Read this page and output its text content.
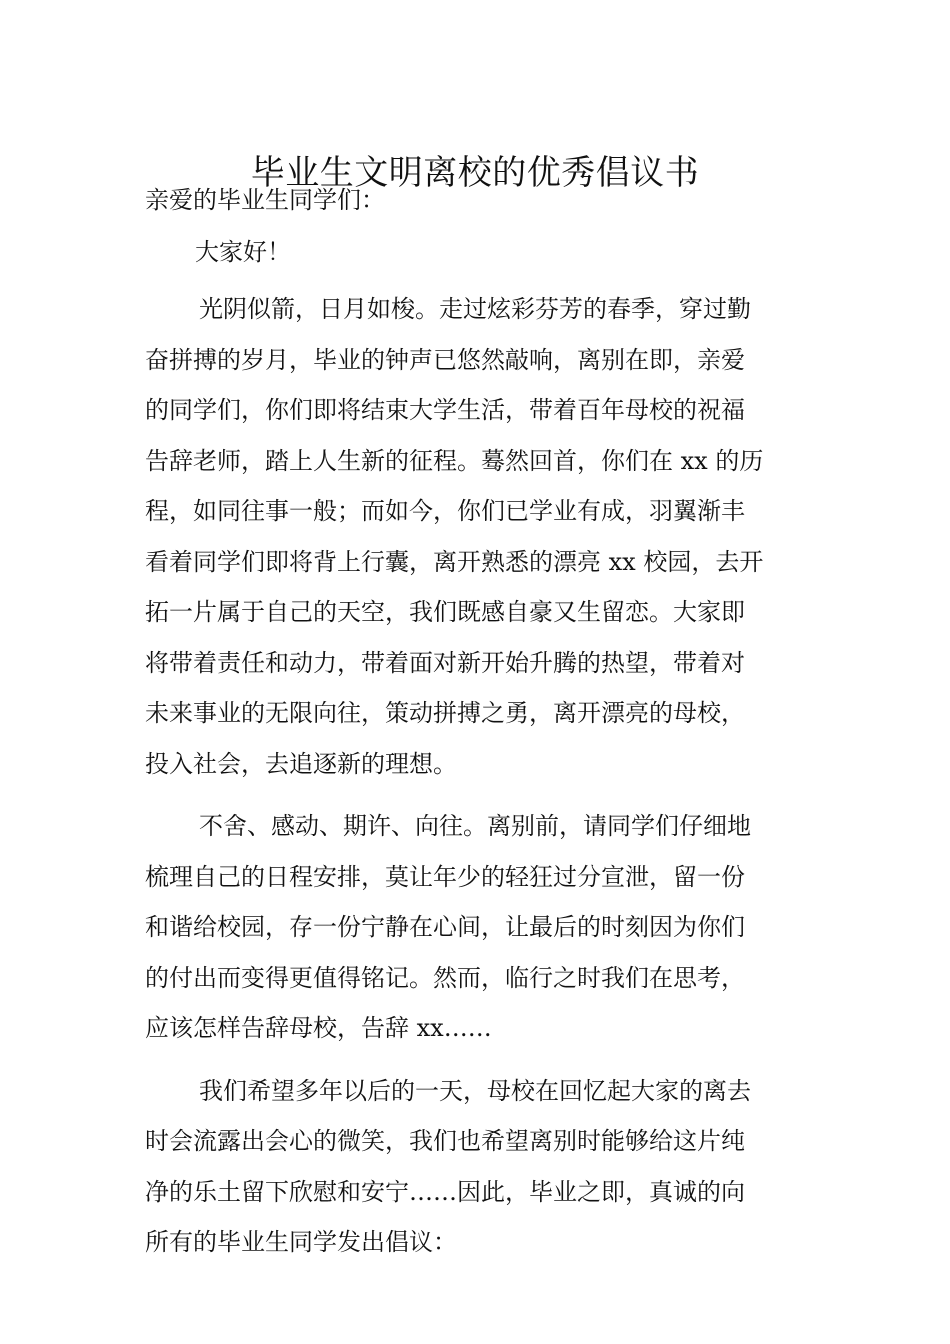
毕业生文明离校的优秀倡议书

亲爱的毕业生同学们：

大家好！

光阴似箭，日月如梭。走过炫彩芬芳的春季，穿过勤
奋拼搏的岁月，毕业的钟声已悠然敲响，离别在即，亲爱
的同学们，你们即将结束大学生活，带着百年母校的祝福
告辞老师，踏上人生新的征程。蓦然回首，你们在 xx 的历
程，如同往事一般；而如今，你们已学业有成，羽翼渐丰
看着同学们即将背上行囊，离开熟悉的漂亮 xx 校园，去开
拓一片属于自己的天空，我们既感自豪又生留恋。大家即
将带着责任和动力，带着面对新开始升腾的热望，带着对
未来事业的无限向往，策动拼搏之勇，离开漂亮的母校，
投入社会，去追逐新的理想。
不舍、感动、期许、向往。离别前，请同学们仔细地
梳理自己的日程安排，莫让年少的轻狂过分宣泄，留一份
和谐给校园，存一份宁静在心间，让最后的时刻因为你们
的付出而变得更值得铭记。然而，临行之时我们在思考，
应该怎样告辞母校，告辞 xx……
我们希望多年以后的一天，母校在回忆起大家的离去
时会流露出会心的微笑，我们也希望离别时能够给这片纯
净的乐土留下欣慰和安宁……因此，毕业之即，真诚的向
所有的毕业生同学发出倡议：
